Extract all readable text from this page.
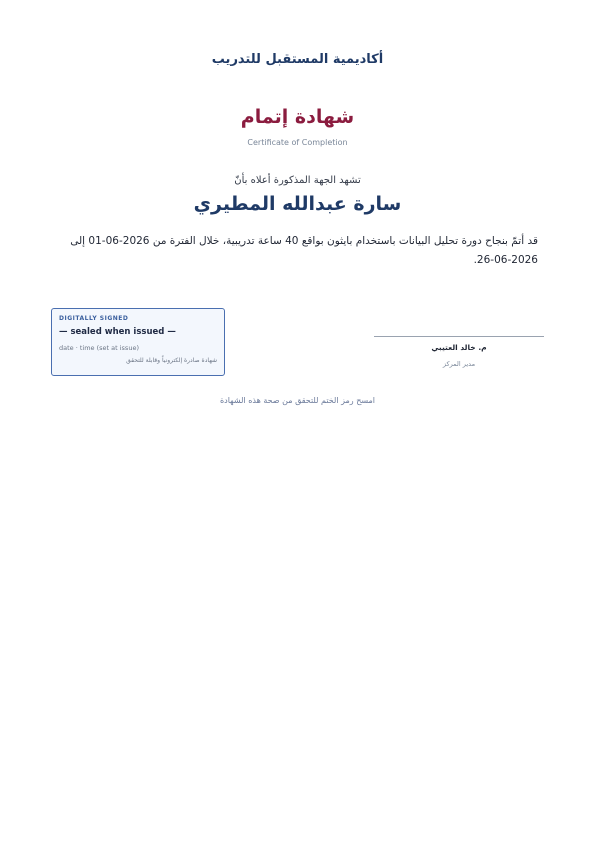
أكاديمية المستقبل للتدريب
شهادة إتمام
Certificate of Completion
تشهد الجهة المذكورة أعلاه بأنّ
سارة عبدالله المطيري
قد أتمّ بنجاح دورة تحليل البيانات باستخدام بايثون بواقع 40 ساعة تدريبية، خلال الفترة من 2026-06-01 إلى 2026-06-26.
DIGITALLY SIGNED
— sealed when issued —
date · time (set at issue)
شهادة صادرة إلكترونياً وقابلة للتحقق
م. خالد العتيبي
مدير المركز
امسح رمز الختم للتحقق من صحة هذه الشهادة
